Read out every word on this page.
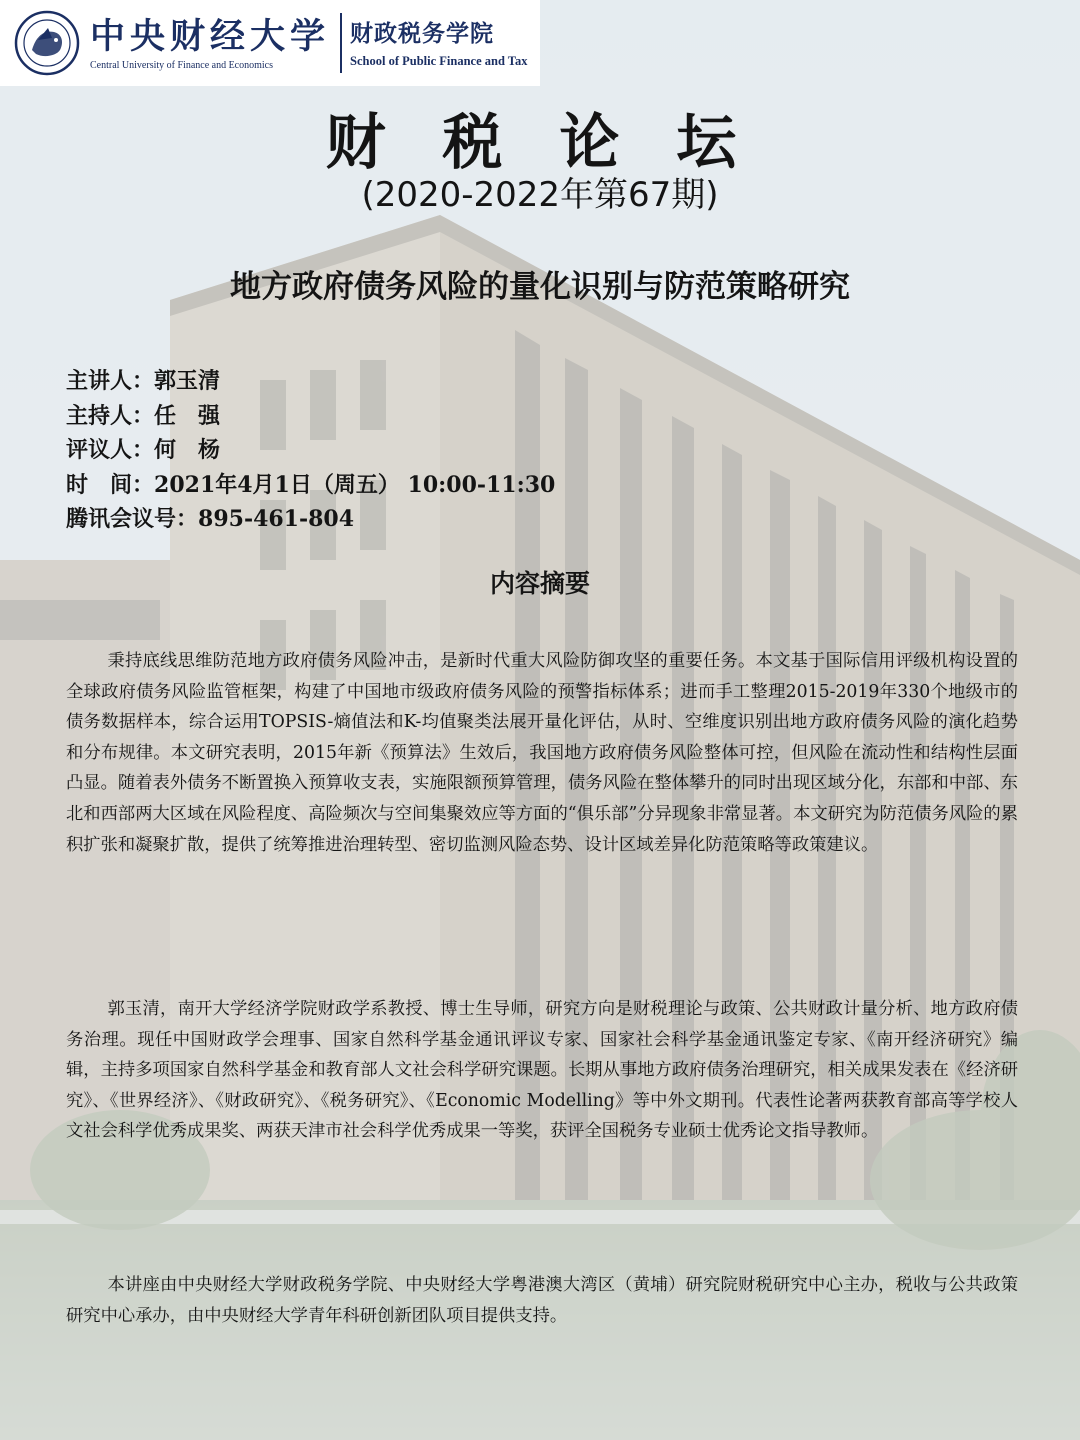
中央财经大学
Central University of Finance and Economics
财政税务学院
School of Public Finance and Tax
财 税 论 坛
(2020-2022年第67期)
地方政府债务风险的量化识别与防范策略研究
主讲人：郭玉清
主持人：任　强
评议人：何　杨
时　间：2021年4月1日（周五） 10:00-11:30
腾讯会议号：895-461-804
内容摘要

秉持底线思维防范地方政府债务风险冲击，是新时代重大风险防御攻坚的重要任务。本文基于国际信用评级机构设置的全球政府债务风险监管框架，构建了中国地市级政府债务风险的预警指标体系；进而手工整理2015-2019年330个地级市的债务数据样本，综合运用TOPSIS-熵值法和K-均值聚类法展开量化评估，从时、空维度识别出地方政府债务风险的演化趋势和分布规律。本文研究表明，2015年新《预算法》生效后，我国地方政府债务风险整体可控，但风险在流动性和结构性层面凸显。随着表外债务不断置换入预算收支表，实施限额预算管理，债务风险在整体攀升的同时出现区域分化，东部和中部、东北和西部两大区域在风险程度、高险频次与空间集聚效应等方面的“俱乐部”分异现象非常显著。本文研究为防范债务风险的累积扩张和凝聚扩散，提供了统筹推进治理转型、密切监测风险态势、设计区域差异化防范策略等政策建议。

郭玉清，南开大学经济学院财政学系教授、博士生导师，研究方向是财税理论与政策、公共财政计量分析、地方政府债务治理。现任中国财政学会理事、国家自然科学基金通讯评议专家、国家社会科学基金通讯鉴定专家、《南开经济研究》编辑，主持多项国家自然科学基金和教育部人文社会科学研究课题。长期从事地方政府债务治理研究，相关成果发表在《经济研究》、《世界经济》、《财政研究》、《税务研究》、《Economic Modelling》等中外文期刊。代表性论著两获教育部高等学校人文社会科学优秀成果奖、两获天津市社会科学优秀成果一等奖，获评全国税务专业硕士优秀论文指导教师。

本讲座由中央财经大学财政税务学院、中央财经大学粤港澳大湾区（黄埔）研究院财税研究中心主办，税收与公共政策研究中心承办，由中央财经大学青年科研创新团队项目提供支持。
